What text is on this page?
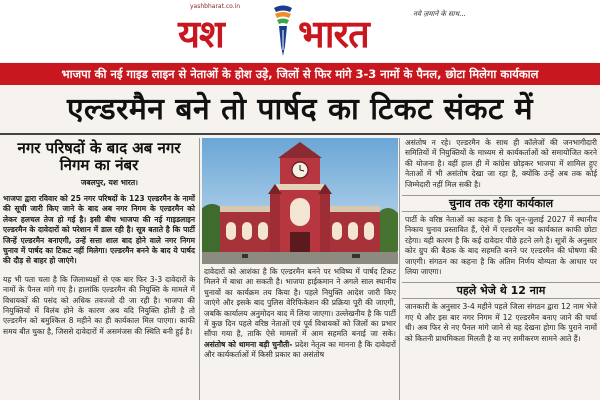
yashbharat.co.in
यश भारत	नये ज़माने के साथ...
भाजपा की नई गाइड लाइन से नेताओं के होश उड़े, जिलों से फिर मांगे 3-3 नामों के पैनल, छोटा मिलेगा कार्यकाल
एल्डरमैन बने तो पार्षद का टिकट संकट में
नगर परिषदों के बाद अब नगर निगम का नंबर
जबलपुर, यश भारत।

भाजपा द्वारा रविवार को 25 नगर परिषदों के 123 एल्डरमैन के नामों की सूची जारी किए जाने के बाद अब नगर निगम के एल्डरमैन को लेकर हलचल तेज हो गई है। इसी बीच भाजपा की नई गाइडलाइन एल्डरमैन के दावेदारों को परेशान में डाल रही है। सूत्र बताते है कि पार्टी जिन्हें एल्डरमैन बनाएगी, उन्हें सत्ता शाल बाद होने वाले नगर निगम चुनाव में पार्षद का टिकट नहीं मिलेगा। एल्डरमैन बनने के बाद ये पार्षद की दौड़ से बाहर हो जाएंगे।

यह भी पता चला है कि जिलाध्यक्षों से एक बार फिर 3-3 दावेदारों के नामों के पैनल मांगे गए है। हालांकि एल्डरमैन की नियुक्ति के मामले में विधायकों की पसंद को अधिक तवज्जो दी जा रही है। भाजपा की नियुक्तियों में विलंब होने के कारण अब यदि नियुक्ति होती है तो एल्डरमैन को बमुश्किल 8 महीने का ही कार्यकाल मिल पाएगा। काफी समय बीत चुका है, जिससे दावेदारों में असमंजस की स्थिति बनी हुई है।

दावेदारों को आशंका है कि एल्डरमैन बनने पर भविष्य में पार्षद टिकट मिलने में बाधा आ सकती है। भाजपा हाईकमान ने अगले साल स्थानीय चुनावों का कार्यक्रम तय किया है। पहले नियुक्ति आदेश जारी किए जाएंगे और इसके बाद पुलिस वेरिफिकेशन की प्रक्रिया पूरी की जाएगी, जबकि कार्यालय अनुमोदन बाद में लिया जाएगा। उल्लेखनीय है कि पार्टी में कुछ दिन पहले वरिष्ठ नेताओं एवं पूर्व विधायकों को जिलों का प्रभार सौंपा गया है, ताकि ऐसे मामलों में आम सहमति बनाई जा सके। असंतोष को थामना बड़ी चुनौती- प्रदेश नेतृत्व का मानना है कि दावेदारों और कार्यकर्ताओं में किसी प्रकार का असंतोष

असंतोष न रहे। एल्डरमैन के साथ ही कॉलेजों की जनभागीदारी समितियों में नियुक्तियों के माध्यम से कार्यकर्ताओं को समायोजित करने की योजना है। वहीं हाल ही में कांग्रेस छोड़कर भाजपा में शामिल हुए नेताओं में भी असंतोष देखा जा रहा है, क्योंकि उन्हें अब तक कोई जिम्मेदारी नहीं मिल सकी है।

चुनाव तक रहेगा कार्यकाल

पार्टी के वरिष्ठ नेताओं का कहना है कि जून-जुलाई 2027 में स्थानीय निकाय चुनाव प्रस्तावित हैं, ऐसे में एल्डरमैन का कार्यकाल काफी छोटा रहेगा। यही कारण है कि कई दावेदार पीछे हटने लगे है। सूत्रों के अनुसार कोर ग्रुप की बैठक के बाद सहमति बनने पर एल्डरमैन की घोषणा की जाएगी। संगठन का कहना है कि अंतिम निर्णय योग्यता के आधार पर लिया जाएगा।

पहले भेजे थे 12 नाम

जानकारी के अनुसार 3-4 महीने पहले जिला संगठन द्वारा 12 नाम भेजे गए थे और इस बार नगर निगम में 12 एल्डरमैन बनाए जाने की चर्चा थी। अब फिर से नए पैनल मांगे जाने से यह देखना होगा कि पुराने नामों को कितनी प्राथमिकता मिलती है या नए समीकरण सामने आते हैं।
